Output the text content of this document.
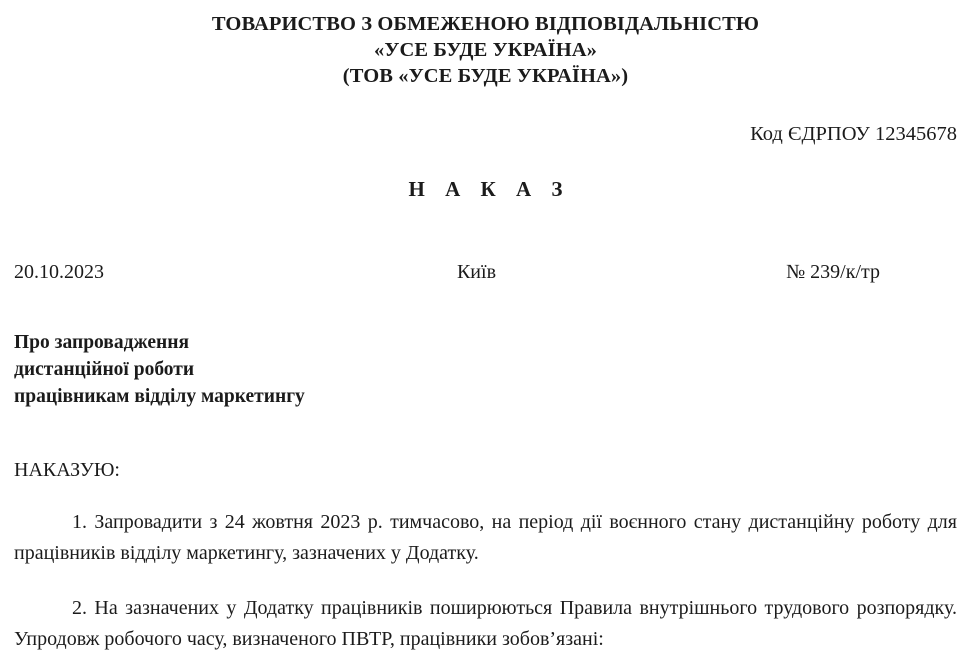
ТОВАРИСТВО З ОБМЕЖЕНОЮ ВІДПОВІДАЛЬНІСТЮ
«УСЕ БУДЕ УКРАЇНА»
(ТОВ «УСЕ БУДЕ УКРАЇНА»)
Код ЄДРПОУ 12345678
Н А К А З
20.10.2023	Київ	№ 239/к/тр
Про запровадження
дистанційної роботи
працівникам відділу маркетингу
НАКАЗУЮ:

1. Запровадити з 24 жовтня 2023 р. тимчасово, на період дії воєнного стану дистанційну роботу для працівників відділу маркетингу, зазначених у Додатку.

2. На зазначених у Додатку працівників поширюються Правила внутрішнього трудового розпорядку. Упродовж робочого часу, визначеного ПВТР, працівники зобов’язані:
